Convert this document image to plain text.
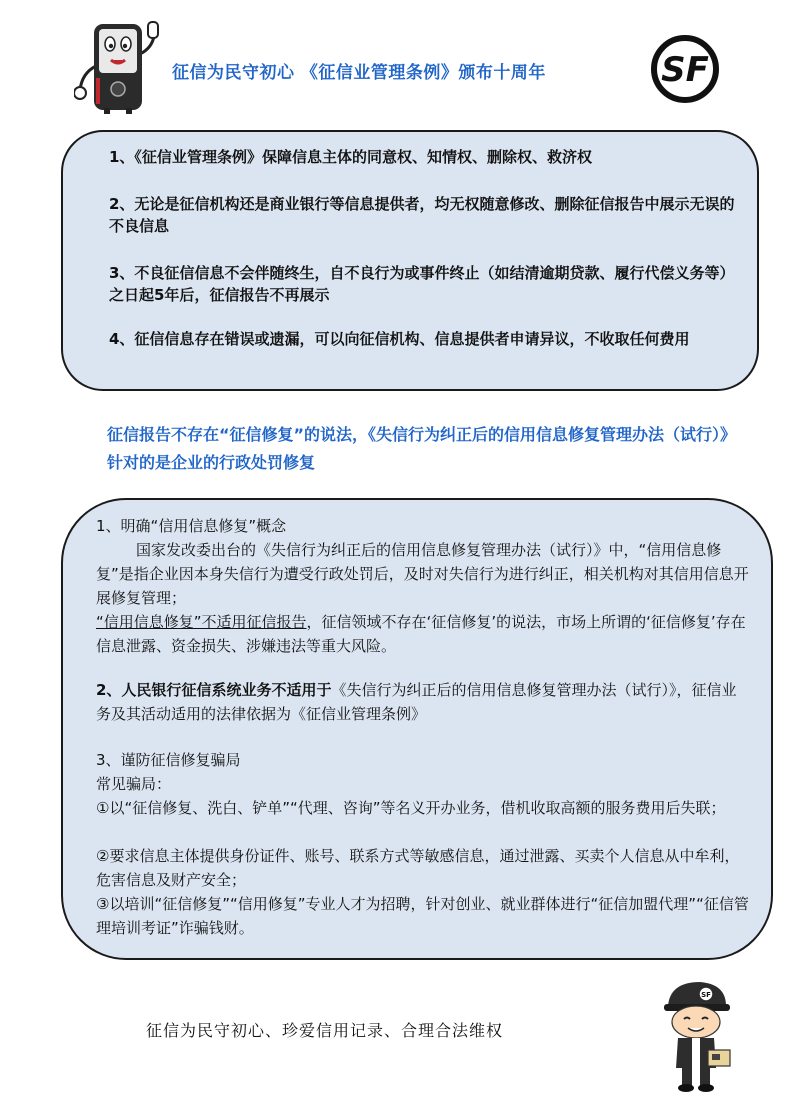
征信为民守初心 《征信业管理条例》颁布十周年	SF
1、《征信业管理条例》保障信息主体的同意权、知情权、删除权、救济权
2、无论是征信机构还是商业银行等信息提供者，均无权随意修改、删除征信报告中展示无误的不良信息
3、不良征信信息不会伴随终生，自不良行为或事件终止（如结清逾期贷款、履行代偿义务等）之日起5年后，征信报告不再展示
4、征信信息存在错误或遗漏，可以向征信机构、信息提供者申请异议，不收取任何费用
征信报告不存在“征信修复”的说法，《失信行为纠正后的信用信息修复管理办法（试行）》针对的是企业的行政处罚修复
1、明确“信用信息修复”概念
国家发改委出台的《失信行为纠正后的信用信息修复管理办法（试行）》中，“信用信息修复”是指企业因本身失信行为遭受行政处罚后，及时对失信行为进行纠正，相关机构对其信用信息开展修复管理；
“信用信息修复”不适用征信报告，征信领域不存在‘征信修复’的说法，市场上所谓的‘征信修复’存在信息泄露、资金损失、涉嫌违法等重大风险。
2、人民银行征信系统业务不适用于《失信行为纠正后的信用信息修复管理办法（试行）》，征信业务及其活动适用的法律依据为《征信业管理条例》
3、谨防征信修复骗局
常见骗局：
①以“征信修复、洗白、铲单”“代理、咨询”等名义开办业务，借机收取高额的服务费用后失联；
②要求信息主体提供身份证件、账号、联系方式等敏感信息，通过泄露、买卖个人信息从中牟利，危害信息及财产安全；
③以培训“征信修复”“信用修复”专业人才为招聘，针对创业、就业群体进行“征信加盟代理”“征信管理培训考证”诈骗钱财。
征信为民守初心、珍爱信用记录、合理合法维权
SF
